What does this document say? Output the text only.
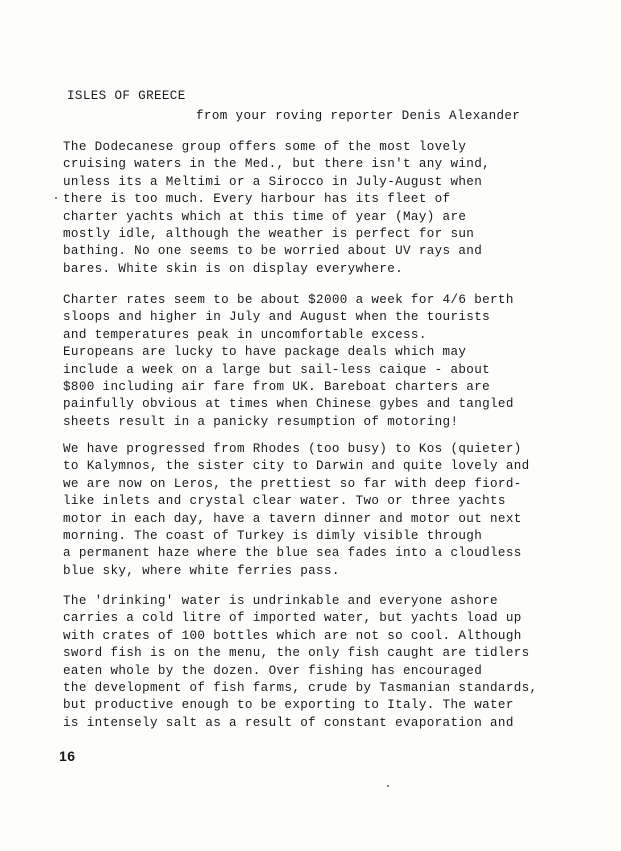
ISLES OF GREECE
from your roving reporter Denis Alexander
The Dodecanese group offers some of the most lovely
cruising waters in the Med., but there isn't any wind,
unless its a Meltimi or a Sirocco in July-August when
there is too much. Every harbour has its fleet of
charter yachts which at this time of year (May) are
mostly idle, although the weather is perfect for sun
bathing. No one seems to be worried about UV rays and
bares. White skin is on display everywhere.
Charter rates seem to be about $2000 a week for 4/6 berth
sloops and higher in July and August when the tourists
and temperatures peak in uncomfortable excess.
Europeans are lucky to have package deals which may
include a week on a large but sail-less caique - about
$800 including air fare from UK. Bareboat charters are
painfully obvious at times when Chinese gybes and tangled
sheets result in a panicky resumption of motoring!
We have progressed from Rhodes (too busy) to Kos (quieter)
to Kalymnos, the sister city to Darwin and quite lovely and
we are now on Leros, the prettiest so far with deep fiord-
like inlets and crystal clear water. Two or three yachts
motor in each day, have a tavern dinner and motor out next
morning. The coast of Turkey is dimly visible through
a permanent haze where the blue sea fades into a cloudless
blue sky, where white ferries pass.
The 'drinking' water is undrinkable and everyone ashore
carries a cold litre of imported water, but yachts load up
with crates of 100 bottles which are not so cool. Although
sword fish is on the menu, the only fish caught are tidlers
eaten whole by the dozen. Over fishing has encouraged
the development of fish farms, crude by Tasmanian standards,
but productive enough to be exporting to Italy. The water
is intensely salt as a result of constant evaporation and
16
